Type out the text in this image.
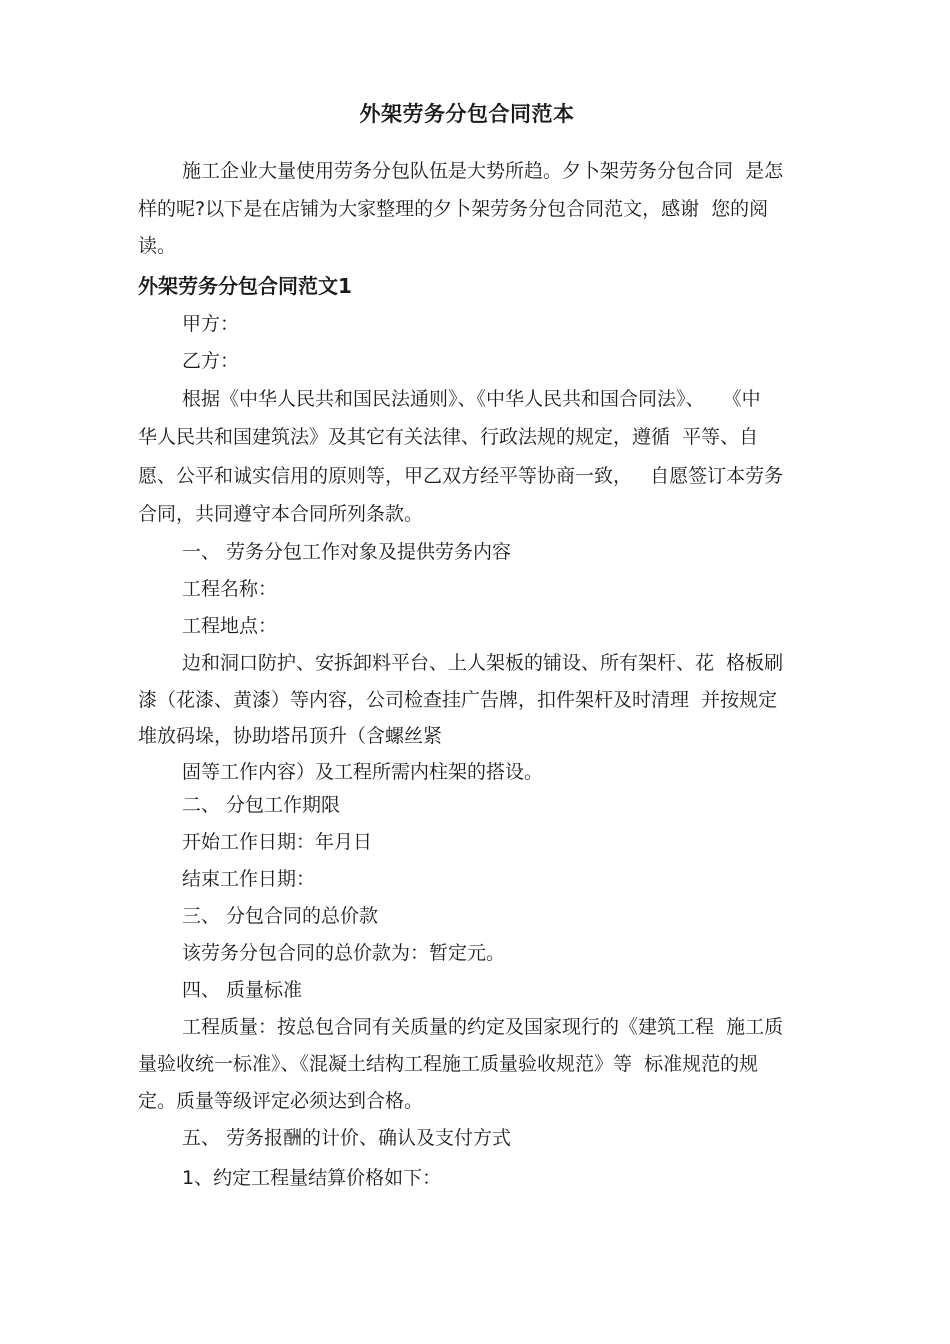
外架劳务分包合同范本
施工企业大量使用劳务分包队伍是大势所趋。夕卜架劳务分包合同  是怎
样的呢?以下是在店铺为大家整理的夕卜架劳务分包合同范文，感谢  您的阅
读。
外架劳务分包合同范文1
甲方：
乙方：
根据《中华人民共和国民法通则》、《中华人民共和国合同法》、   《中
华人民共和国建筑法》及其它有关法律、行政法规的规定，遵循  平等、自
愿、公平和诚实信用的原则等，甲乙双方经平等协商一致，   自愿签订本劳务
合同，共同遵守本合同所列条款。
一、 劳务分包工作对象及提供劳务内容
工程名称：
工程地点：
边和洞口防护、安拆卸料平台、上人架板的铺设、所有架杆、花  格板刷
漆（花漆、黄漆）等内容，公司检查挂广告牌，扣件架杆及时清理  并按规定
堆放码垛，协助塔吊顶升（含螺丝紧
固等工作内容）及工程所需内柱架的搭设。
二、 分包工作期限
开始工作日期：年月日
结束工作日期：
三、 分包合同的总价款
该劳务分包合同的总价款为：暂定元。
四、 质量标准
工程质量：按总包合同有关质量的约定及国家现行的《建筑工程  施工质
量验收统一标准》、《混凝土结构工程施工质量验收规范》等  标准规范的规
定。质量等级评定必须达到合格。
五、 劳务报酬的计价、确认及支付方式
1、约定工程量结算价格如下：
